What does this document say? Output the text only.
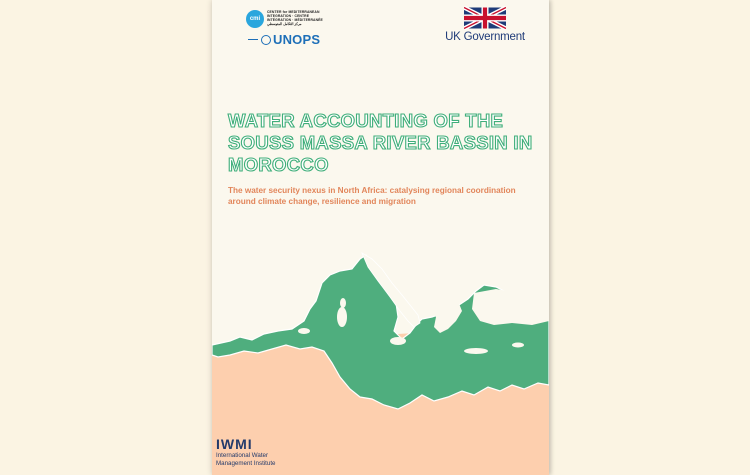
cmi
CENTER for MEDITERRANEAN
INTEGRATION · CENTRE
INTÉGRATION · MÉDITERRANÉE
مركز التكامل المتوسطي
UNOPS	UK Government
WATER ACCOUNTING OF THE SOUSS MASSA RIVER BASSIN IN MOROCCO
The water security nexus in North Africa: catalysing regional coordination around climate change, resilience and migration
IWMI
International Water Management Institute
